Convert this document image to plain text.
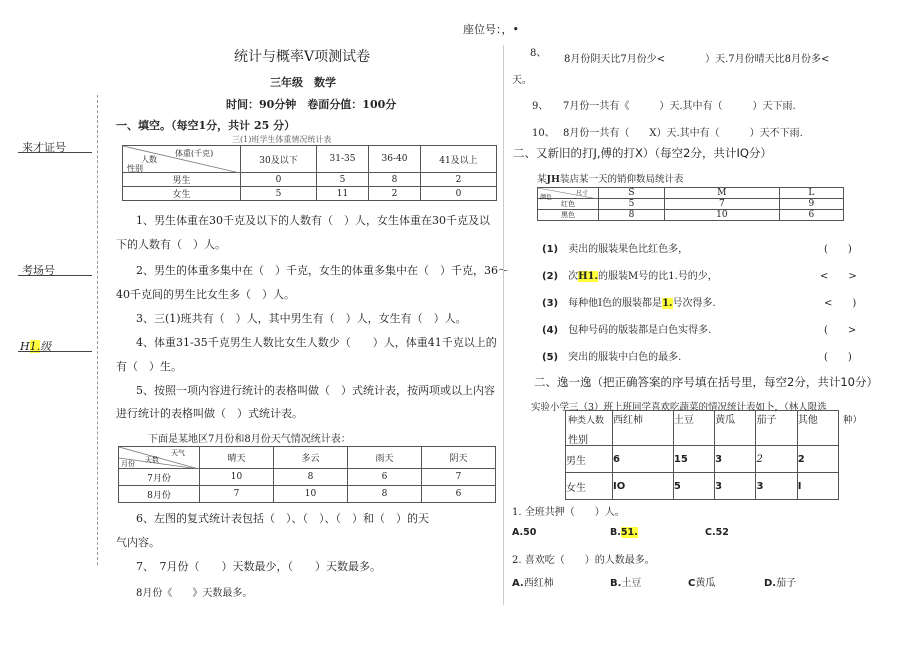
座位号：，•
来才证号
考场号
H1.级
统计与概率V项测试卷
三年级　数学
时间：90分钟　卷面分值：100分
一、填空。（每空1分，共计 25 分）
三(1)班学生体重情况统计表
体重(千克)
人数
性别	30及以下	31-35	36-40	41及以上
男生	0	5	8	2
女生	5	11	2	0
1、男生体重在30千克及以下的人数有（　）人，女生体重在30千克及以
下的人数有（　）人。
2、男生的体重多集中在（　）千克，女生的体重多集中在（　）千克，36～
40千克间的男生比女生多（　）人。
3、三(1)班共有（　）人，其中男生有（　）人，女生有（　）人。
4、体重31-35千克男生人数比女生人数少（　　）人，体重41千克以上的
有（　）生。
5、按照一项内容进行统计的表格叫做（　）式统计表，按两项或以上内容
进行统计的表格叫做（　）式统计表。
下面是某地区7月份和8月份天气情况统计表：
天气
天数
月份	晴天	多云	雨天	阴天
7月份	10	8	6	7
8月份	7	10	8	6
6、左图的复式统计表包括（　）、（　）、（　）和（　）的天
气内容。
7、　7月份（　　）天数最少，（　　）天数最多。
8月份《　　》天数最多。
8、
8月份阴天比7月份少<　　　　）天.7月份晴天比8月份多<
天。
9、 7月份一共有《　　　）天.其中有（　　　）天下雨.
10、 8月份一共有（　　X）天.其中有（　　　）天不下雨.
二、又新旧的打J,傅的打X）（每空2分，共计IQ分）
某JH装店某一天的销仰数局统计表
尺寸
颜色	S	M	L
红色	5	7	9
黑色	8	10	6
(1)　 卖出的服装果色比红色多，	(　　)
(2)　 次H1.的服装M号的比1.号的少，	<　　>
(3)　 每种他I色的服装都是1.号次得多.	<　　)
(4)　 包种号码的版装都是白色实得多.	(　　>
(5)　 突出的服装中白色的最多.	(　　)
二、逸一逸（把正确答案的序号填在括号里，每空2分，共计10分）
实验小学三（3）班上班同学喜欢吃蔬菜的情况统计表如卜，（林人限选
种）
种类人数
性别	西红柿	土豆	黄瓜	茄子	其他
男生	6	15	3	2	2
女生	IO	5	3	3	I
1. 全班共押（　　）人。
A.50	B.51.	C.52
2. 喜欢吃（　　）的人数最多。
A.西红柿	B.土豆	C黄瓜	D.茄子
